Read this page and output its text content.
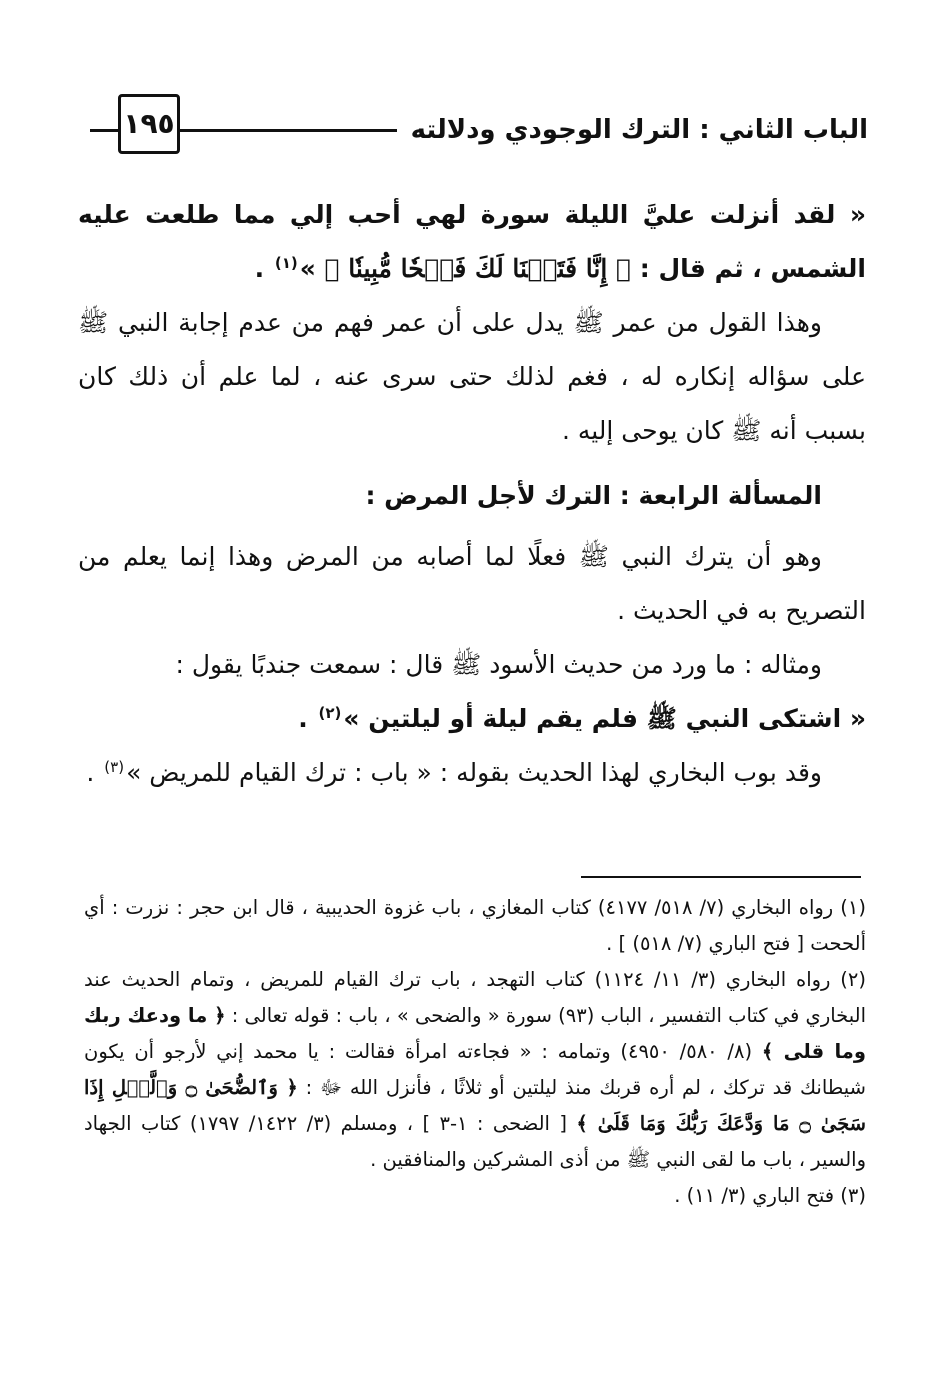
الباب الثاني : الترك الوجودي ودلالته
١٩٥

« لقد أنزلت عليَّ الليلة سورة لهي أحب إلي مما طلعت عليه الشمس ، ثم قال : ﴿ إِنَّا فَتَحۡنَا لَكَ فَتۡحٗا مُّبِينٗا ﴾ »$^{(١)}$ .

وهذا القول من عمر ﷺ يدل على أن عمر فهم من عدم إجابة النبي ﷺ على سؤاله إنكاره له ، فغم لذلك حتى سرى عنه ، لما علم أن ذلك كان بسبب أنه ﷺ كان يوحى إليه .

المسألة الرابعة : الترك لأجل المرض :

وهو أن يترك النبي ﷺ فعلًا لما أصابه من المرض وهذا إنما يعلم من التصريح به في الحديث .

ومثاله : ما ورد من حديث الأسود ﷺ قال : سمعت جندبًا يقول :

« اشتكى النبي ﷺ فلم يقم ليلة أو ليلتين »$^{(٢)}$ .

وقد بوب البخاري لهذا الحديث بقوله : « باب : ترك القيام للمريض »$^{(٣)}$ .

(١) رواه البخاري (٧/ ٥١٨/ ٤١٧٧) كتاب المغازي ، باب غزوة الحديبية ، قال ابن حجر : نزرت : أي ألححت [ فتح الباري (٧/ ٥١٨) ] .

(٢) رواه البخاري (٣/ ١١/ ١١٢٤) كتاب التهجد ، باب ترك القيام للمريض ، وتمام الحديث عند البخاري في كتاب التفسير ، الباب (٩٣) سورة « والضحى » ، باب : قوله تعالى : ﴿ ما ودعك ربك وما قلى ﴾ (٨/ ٥٨٠/ ٤٩٥٠) وتمامه : « فجاءته امرأة فقالت : يا محمد إني لأرجو أن يكون شيطانك قد تركك ، لم أره قربك منذ ليلتين أو ثلاثًا ، فأنزل الله ﷻ : ﴿ وَٱلضُّحَىٰ ۝ وَٱلَّيۡلِ إِذَا سَجَىٰ ۝ مَا وَدَّعَكَ رَبُّكَ وَمَا قَلَىٰ ﴾ [ الضحى : ١-٣ ] ، ومسلم (٣/ ١٤٢٢/ ١٧٩٧) كتاب الجهاد والسير ، باب ما لقى النبي ﷺ من أذى المشركين والمنافقين .

(٣) فتح الباري (٣/ ١١) .
